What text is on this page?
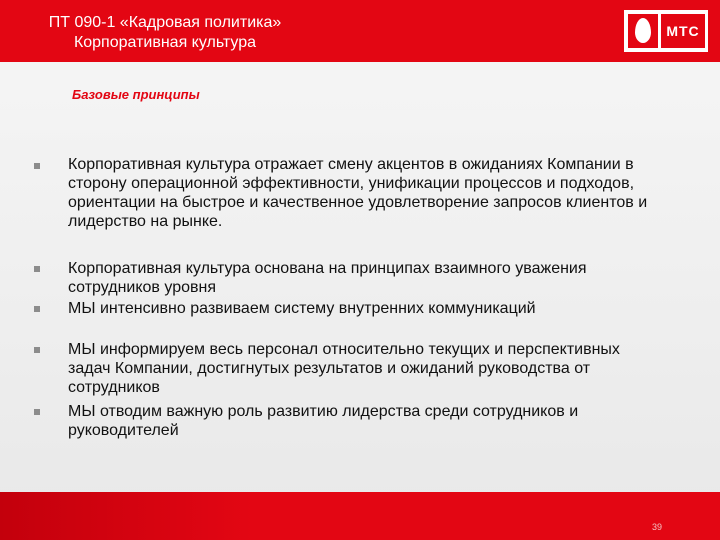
ПТ 090-1 «Кадровая политика»
Корпоративная культура
МТС
Базовые принципы
Корпоративная культура отражает смену акцентов в ожиданиях Компании в сторону операционной эффективности, унификации процессов и подходов, ориентации на быстрое и качественное удовлетворение запросов клиентов и лидерство на рынке.
Корпоративная культура основана на принципах взаимного уважения сотрудников уровня
МЫ интенсивно развиваем систему внутренних коммуникаций
МЫ информируем весь персонал относительно текущих и перспективных задач Компании, достигнутых результатов и ожиданий руководства от сотрудников
МЫ отводим важную роль развитию лидерства среди сотрудников и руководителей
39
